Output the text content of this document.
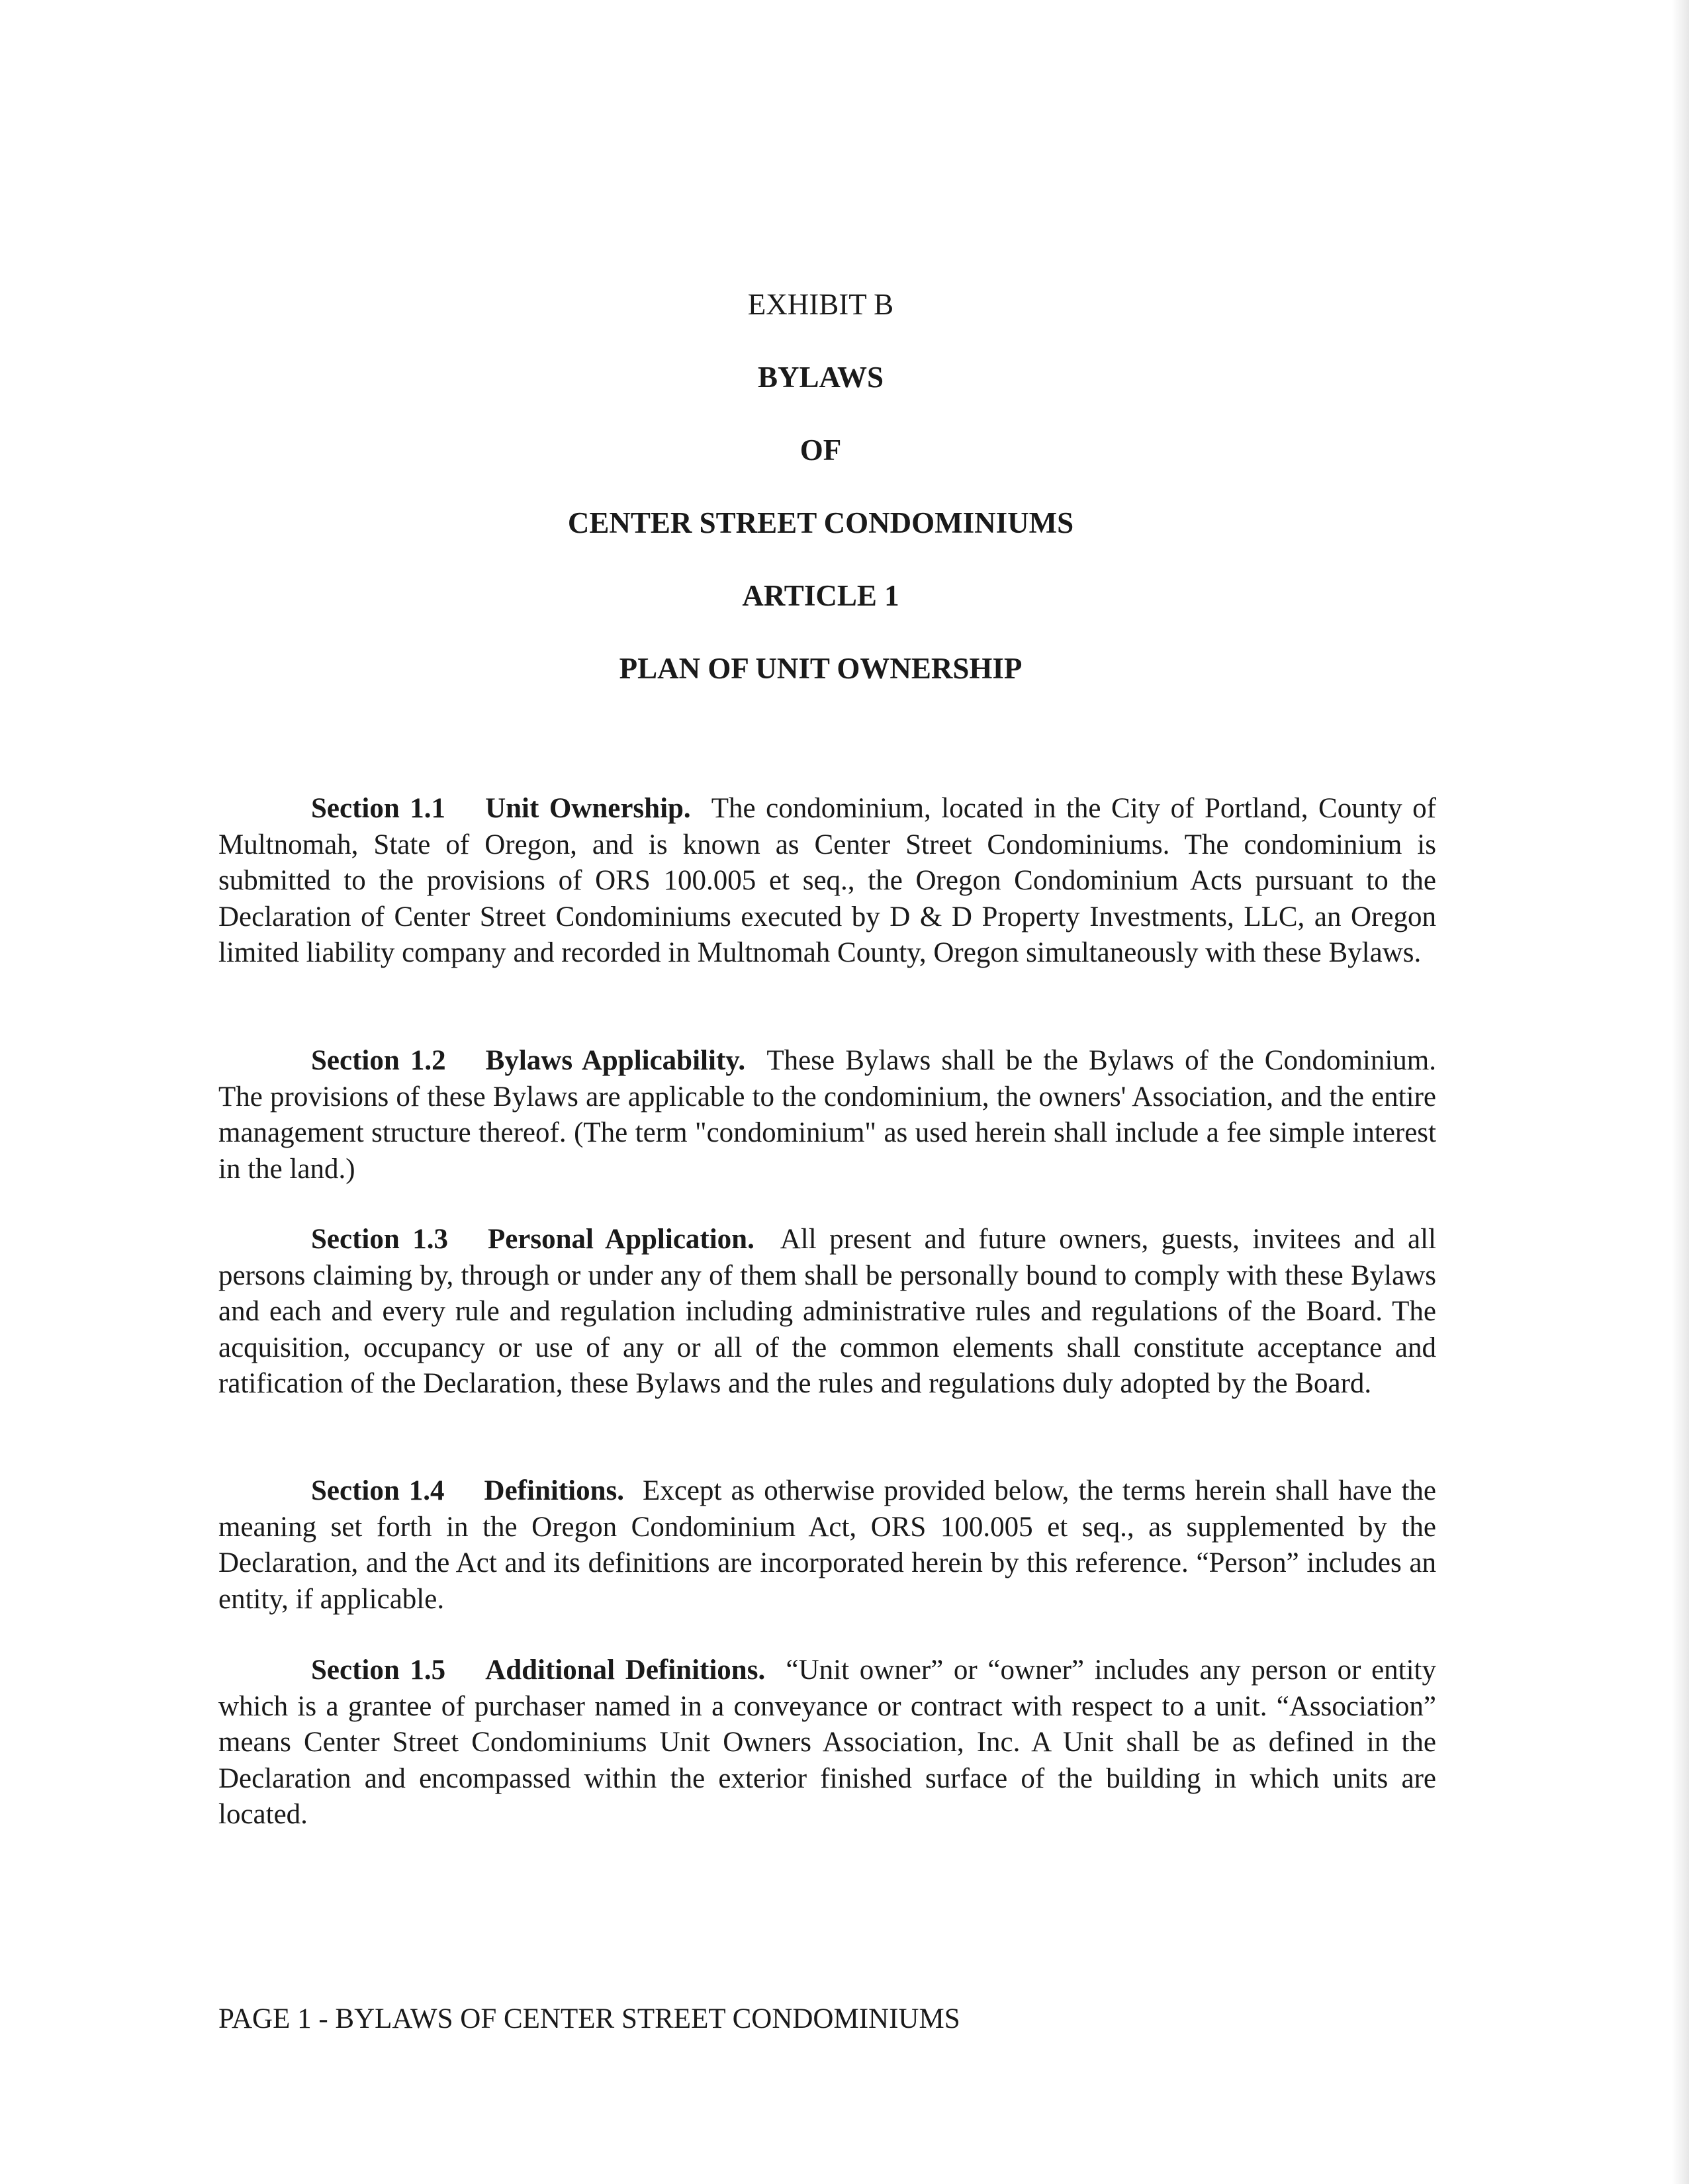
EXHIBIT B

BYLAWS

OF

CENTER STREET CONDOMINIUMS

ARTICLE 1

PLAN OF UNIT OWNERSHIP

Section 1.1 Unit Ownership. The condominium, located in the City of Portland, County of Multnomah, State of Oregon, and is known as Center Street Condominiums. The condominium is submitted to the provisions of ORS 100.005 et seq., the Oregon Condominium Acts pursuant to the Declaration of Center Street Condominiums executed by D & D Property Investments, LLC, an Oregon limited liability company and recorded in Multnomah County, Oregon simultaneously with these Bylaws.

Section 1.2 Bylaws Applicability. These Bylaws shall be the Bylaws of the Condominium. The provisions of these Bylaws are applicable to the condominium, the owners' Association, and the entire management structure thereof. (The term "condominium" as used herein shall include a fee simple interest in the land.)

Section 1.3 Personal Application. All present and future owners, guests, invitees and all persons claiming by, through or under any of them shall be personally bound to comply with these Bylaws and each and every rule and regulation including administrative rules and regulations of the Board. The acquisition, occupancy or use of any or all of the common elements shall constitute acceptance and ratification of the Declaration, these Bylaws and the rules and regulations duly adopted by the Board.

Section 1.4 Definitions. Except as otherwise provided below, the terms herein shall have the meaning set forth in the Oregon Condominium Act, ORS 100.005 et seq., as supplemented by the Declaration, and the Act and its definitions are incorporated herein by this reference. “Person” includes an entity, if applicable.

Section 1.5 Additional Definitions. “Unit owner” or “owner” includes any person or entity which is a grantee of purchaser named in a conveyance or contract with respect to a unit. “Association” means Center Street Condominiums Unit Owners Association, Inc. A Unit shall be as defined in the Declaration and encompassed within the exterior finished surface of the building in which units are located.

PAGE 1 - BYLAWS OF CENTER STREET CONDOMINIUMS
